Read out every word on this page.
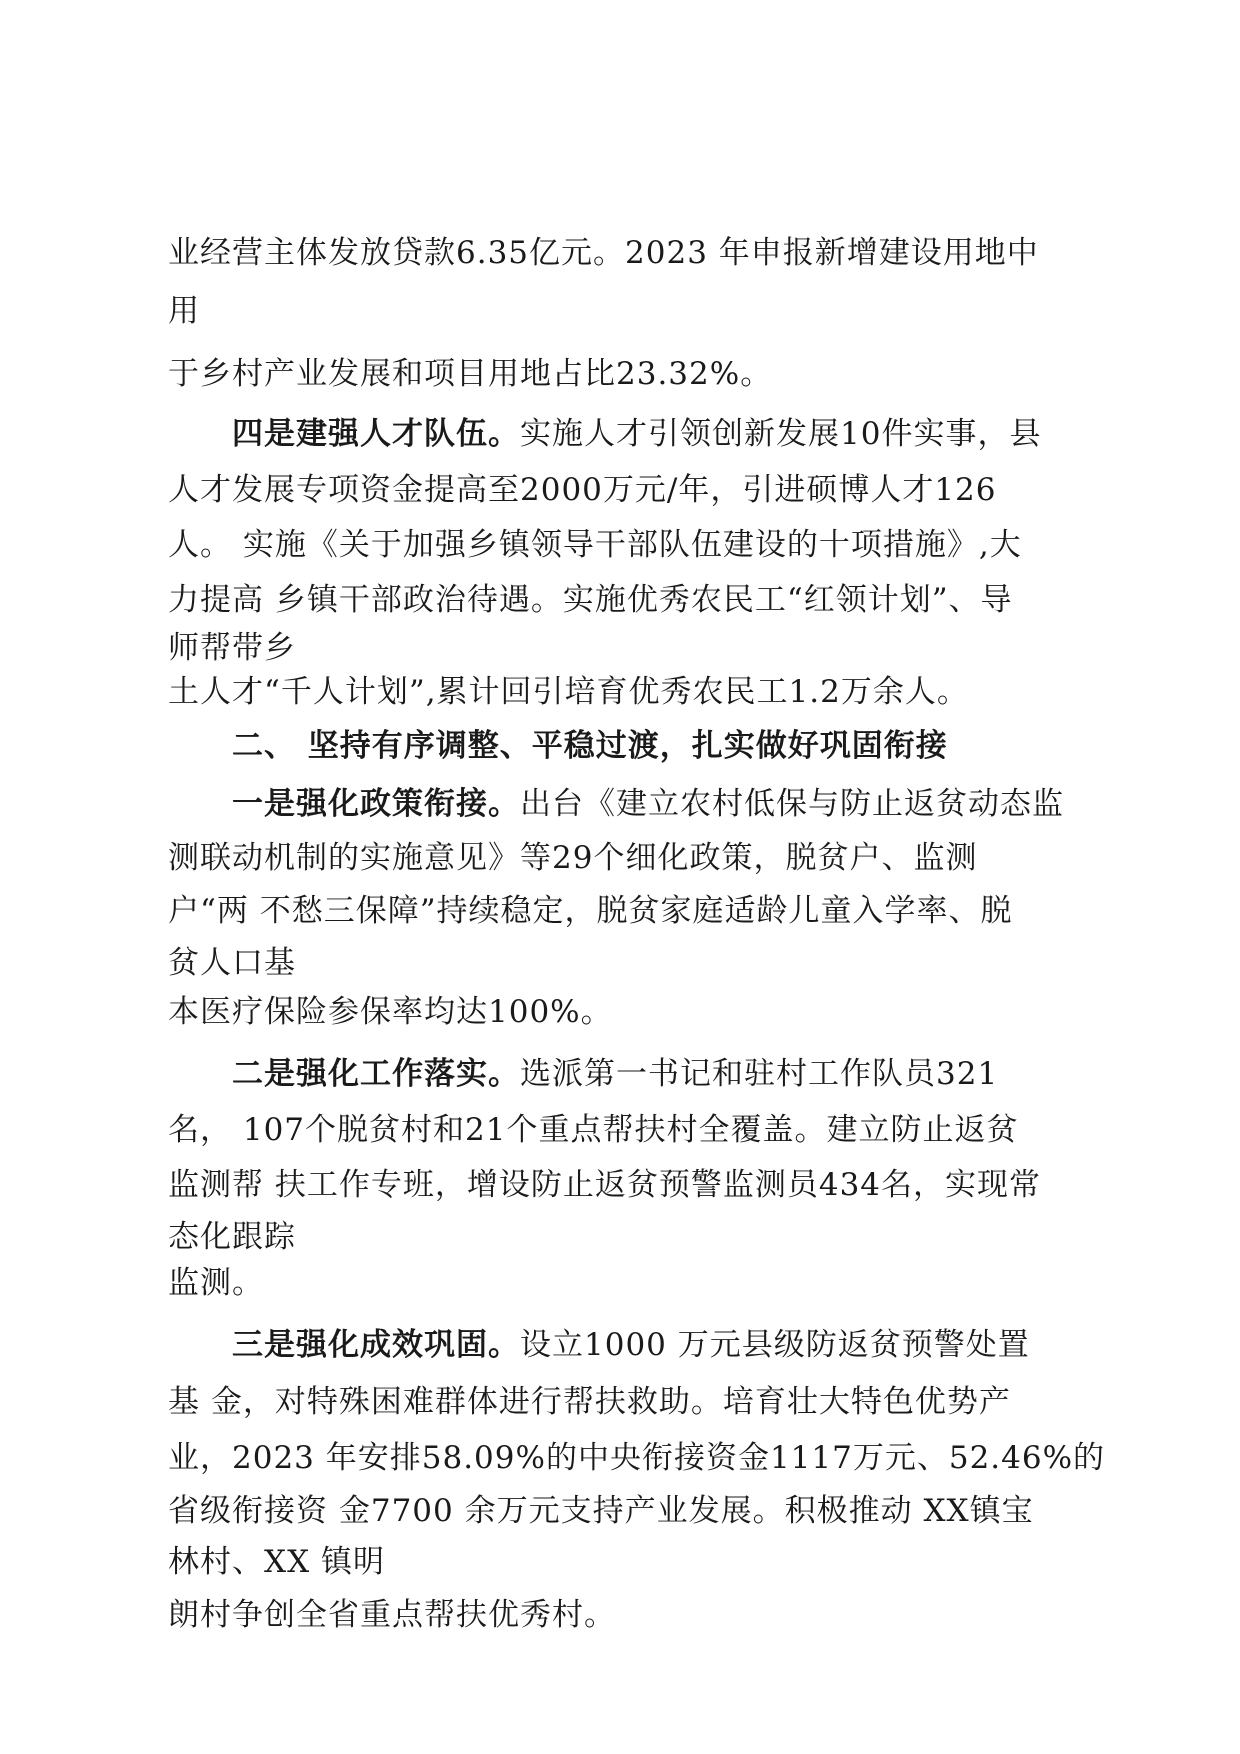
业经营主体发放贷款6.35亿元。2023 年申报新增建设用地中
用
于乡村产业发展和项目用地占比23.32%。
四是建强人才队伍。实施人才引领创新发展10件实事，县
人才发展专项资金提高至2000万元/年，引进硕博人才126
人。 实施《关于加强乡镇领导干部队伍建设的十项措施》,大
力提高 乡镇干部政治待遇。实施优秀农民工“红领计划”、导
师帮带乡
土人才“千人计划”,累计回引培育优秀农民工1.2万余人。
二、 坚持有序调整、平稳过渡，扎实做好巩固衔接
一是强化政策衔接。出台《建立农村低保与防止返贫动态监
测联动机制的实施意见》等29个细化政策，脱贫户、监测
户“两 不愁三保障”持续稳定，脱贫家庭适龄儿童入学率、脱
贫人口基
本医疗保险参保率均达100%。
二是强化工作落实。选派第一书记和驻村工作队员321
名， 107个脱贫村和21个重点帮扶村全覆盖。建立防止返贫
监测帮 扶工作专班，增设防止返贫预警监测员434名，实现常
态化跟踪
监测。
三是强化成效巩固。设立1000 万元县级防返贫预警处置
基 金，对特殊困难群体进行帮扶救助。培育壮大特色优势产
业，2023 年安排58.09%的中央衔接资金1117万元、52.46%的
省级衔接资 金7700 余万元支持产业发展。积极推动 XX镇宝
林村、XX 镇明
朗村争创全省重点帮扶优秀村。
